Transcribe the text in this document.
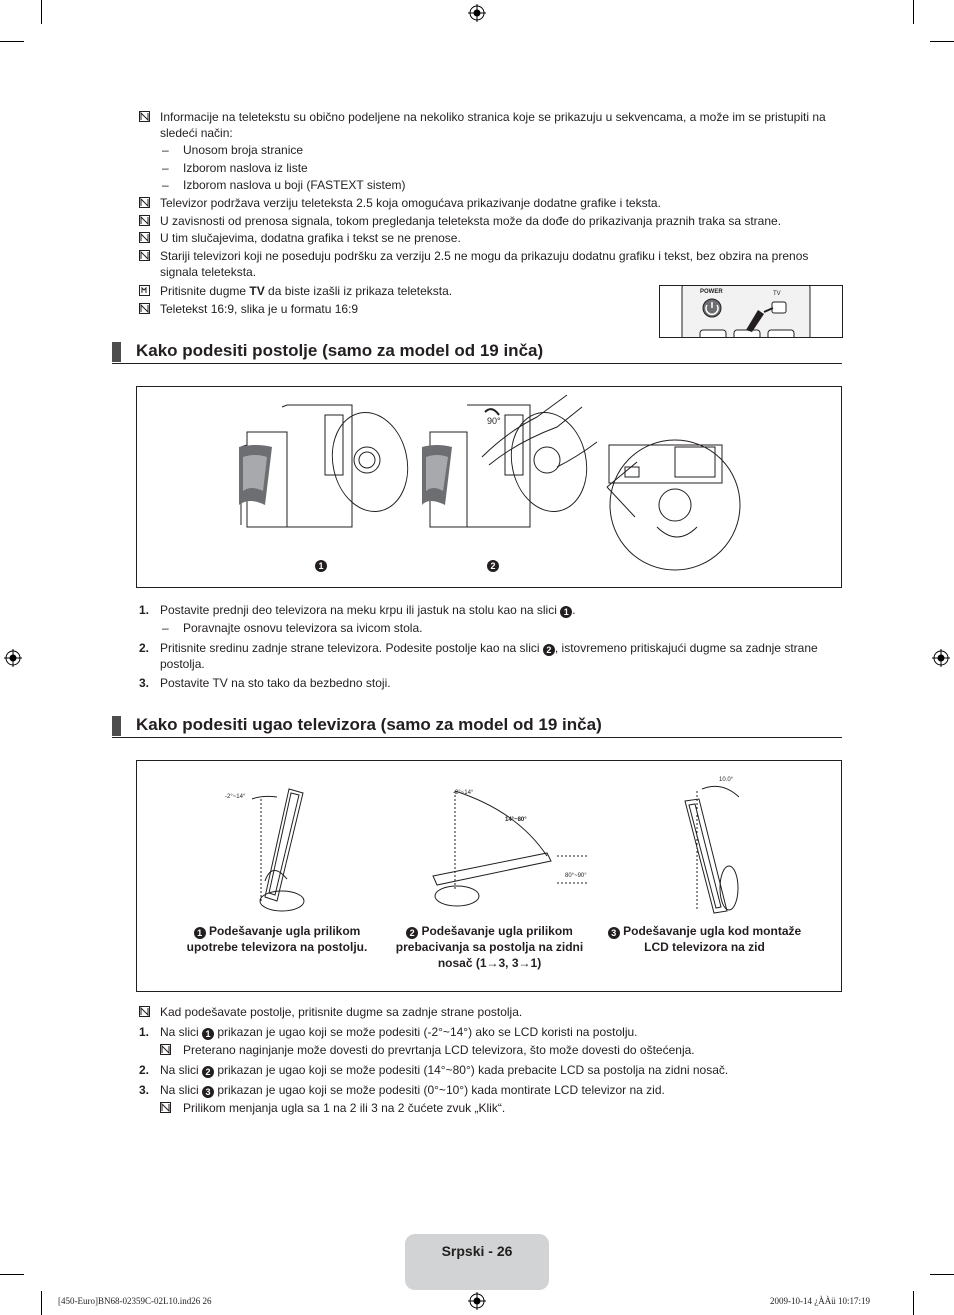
Informacije na teletekstu su obično podeljene na nekoliko stranica koje se prikazuju u sekvencama, a može im se pristupiti na sledeći način:
– Unosom broja stranice
– Izborom naslova iz liste
– Izborom naslova u boji (FASTEXT sistem)
Televizor podržava verziju teleteksta 2.5 koja omogućava prikazivanje dodatne grafike i teksta.
U zavisnosti od prenosa signala, tokom pregledanja teleteksta može da dođe do prikazivanja praznih traka sa strane.
U tim slučajevima, dodatna grafika i tekst se ne prenose.
Stariji televizori koji ne poseduju podršku za verziju 2.5 ne mogu da prikazuju dodatnu grafiku i tekst, bez obzira na prenos signala teleteksta.
Pritisnite dugme TV da biste izašli iz prikaza teleteksta.
Teletekst 16:9, slika je u formatu 16:9
POWER	TV
Kako podesiti postolje (samo za model od 19 inča)
1	2
90°
1. Postavite prednji deo televizora na meku krpu ili jastuk na stolu kao na slici 1 .
– Poravnajte osnovu televizora sa ivicom stola.
2. Pritisnite sredinu zadnje strane televizora. Podesite postolje kao na slici 2 , istovremeno pritiskajući dugme sa zadnje strane postolja.
3. Postavite TV na sto tako da bezbedno stoji.
Kako podesiti ugao televizora (samo za model od 19 inča)
-2°~14°
-2°~14°
14°~80°
80°~90°
10.0°
1 Podešavanje ugla prilikom
upotrebe televizora na postolju.
2 Podešavanje ugla prilikom
prebacivanja sa postolja na zidni
nosač (1→3, 3→1)
3 Podešavanje ugla kod montaže
LCD televizora na zid
Kad podešavate postolje, pritisnite dugme sa zadnje strane postolja.
1. Na slici 1 prikazan je ugao koji se može podesiti (-2°~14°) ako se LCD koristi na postolju.
Preterano naginjanje može dovesti do prevrtanja LCD televizora, što može dovesti do oštećenja.
2. Na slici 2 prikazan je ugao koji se može podesiti (14°~80°) kada prebacite LCD sa postolja na zidni nosač.
3. Na slici 3 prikazan je ugao koji se može podesiti (0°~10°) kada montirate LCD televizor na zid.
Prilikom menjanja ugla sa 1 na 2 ili 3 na 2 čućete zvuk „Klik“.
Srpski - 26
[450-Euro]BN68-02359C-02L10.ind26 26	2009-10-14 ¿ÀÀü 10:17:19
